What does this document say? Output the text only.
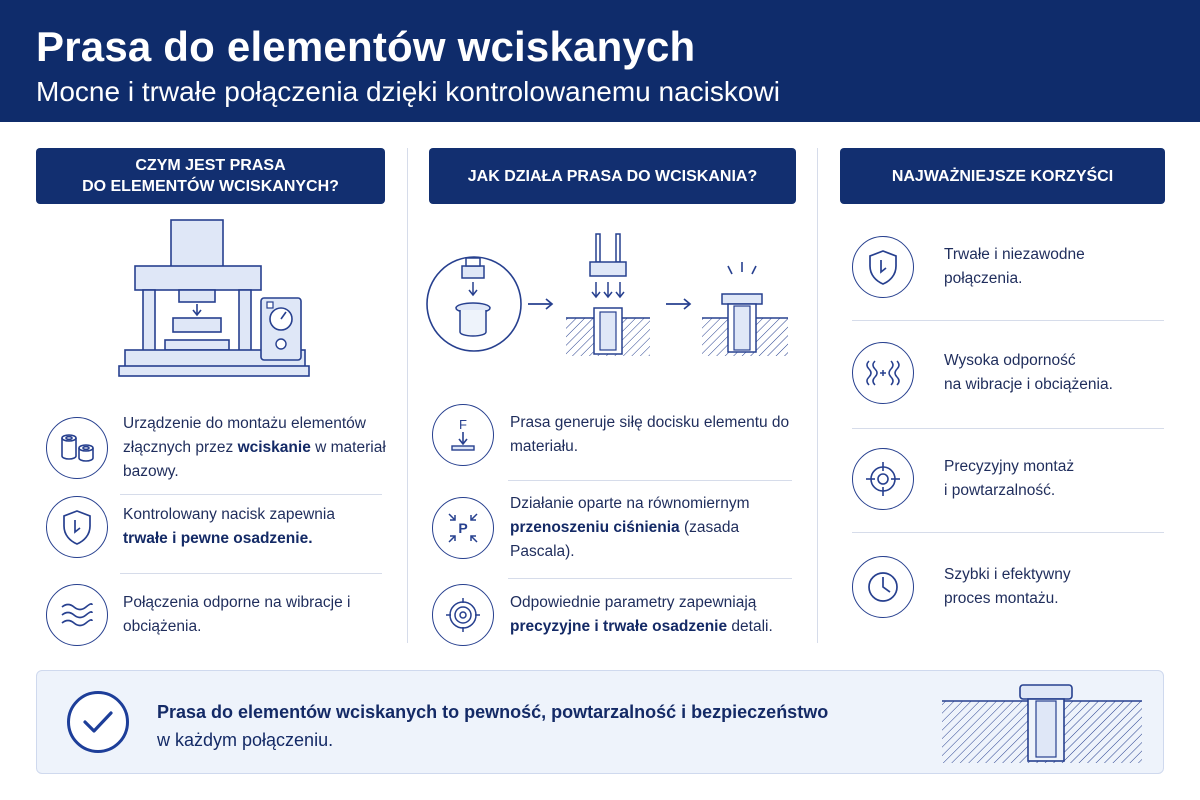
Prasa do elementów wciskanych
Mocne i trwałe połączenia dzięki kontrolowanemu naciskowi
CZYM JEST PRASA
DO ELEMENTÓW WCISKANYCH?
Urządzenie do montażu elementów złącznych przez wciskanie w materiał bazowy.
Kontrolowany nacisk zapewnia
trwałe i pewne osadzenie.
Połączenia odporne na wibracje i obciążenia.
JAK DZIAŁA PRASA DO WCISKANIA?
F	Prasa generuje siłę docisku elementu do materiału.
P
Działanie oparte na równomiernym przenoszeniu ciśnienia (zasada Pascala).
Odpowiednie parametry zapewniają precyzyjne i trwałe osadzenie detali.
NAJWAŻNIEJSZE KORZYŚCI
Trwałe i niezawodne
połączenia.
Wysoka odporność
na wibracje i obciążenia.
Precyzyjny montaż
i powtarzalność.
Szybki i efektywny
proces montażu.
Prasa do elementów wciskanych to pewność, powtarzalność i bezpieczeństwo
w każdym połączeniu.
